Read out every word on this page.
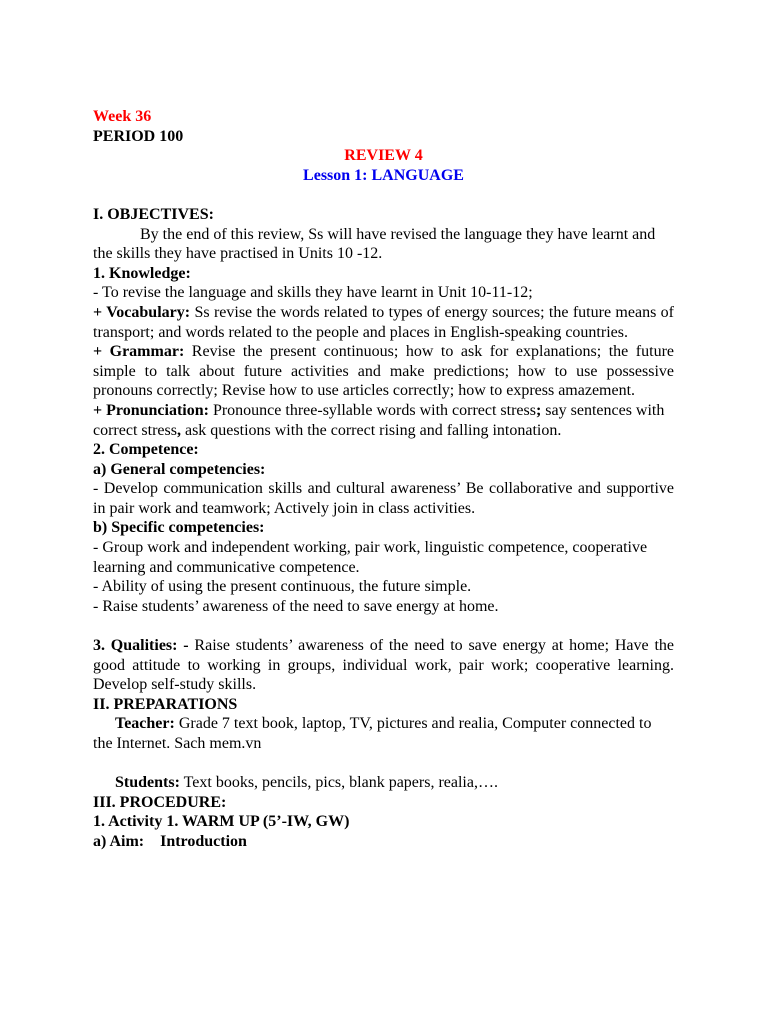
Week 36

PERIOD 100

REVIEW 4

Lesson 1: LANGUAGE

I. OBJECTIVES:

By the end of this review, Ss will have revised the language they have learnt and the skills they have practised in Units 10 -12.

1. Knowledge:

- To revise the language and skills they have learnt in Unit 10-11-12;

+ Vocabulary: Ss revise the words related to types of energy sources; the future means of transport; and words related to the people and places in English-speaking countries.

+ Grammar: Revise the present continuous; how to ask for explanations; the future simple to talk about future activities and make predictions; how to use possessive pronouns correctly; Revise how to use articles correctly; how to express amazement.

+ Pronunciation: Pronounce three-syllable words with correct stress; say sentences with correct stress, ask questions with the correct rising and falling intonation.

2. Competence:

a) General competencies:

- Develop communication skills and cultural awareness’ Be collaborative and supportive in pair work and teamwork; Actively join in class activities.

b) Specific competencies:

- Group work and independent working, pair work, linguistic competence, cooperative learning and communicative competence.

- Ability of using the present continuous, the future simple.

- Raise students’ awareness of the need to save energy at home.

3. Qualities: - Raise students’ awareness of the need to save energy at home; Have the good attitude to working in groups, individual work, pair work; cooperative learning. Develop self-study skills.

II. PREPARATIONS

Teacher: Grade 7 text book, laptop, TV, pictures and realia, Computer connected to the Internet. Sach mem.vn

Students: Text books, pencils, pics, blank papers, realia,….

III. PROCEDURE:

1. Activity 1. WARM UP (5’-IW, GW)

a) Aim:    Introduction
